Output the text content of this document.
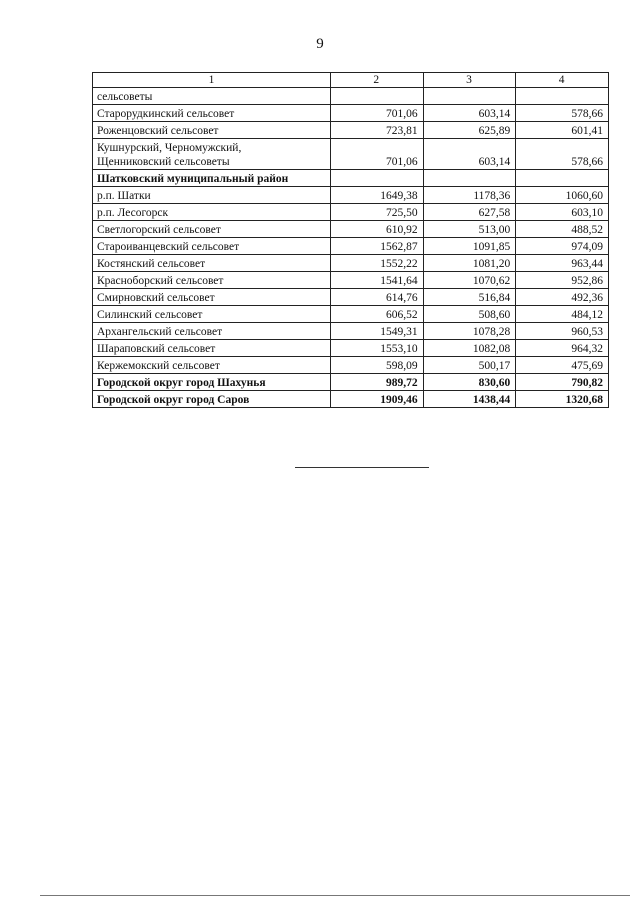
9
1	2	3	4
сельсоветы			
Старорудкинский сельсовет	701,06	603,14	578,66
Роженцовский сельсовет	723,81	625,89	601,41
Кушнурский, Черномужский,
Щенниковский сельсоветы	701,06	603,14	578,66
Шатковский муниципальный район			
р.п. Шатки	1649,38	1178,36	1060,60
р.п. Лесогорск	725,50	627,58	603,10
Светлогорский сельсовет	610,92	513,00	488,52
Староиванцевский сельсовет	1562,87	1091,85	974,09
Костянский сельсовет	1552,22	1081,20	963,44
Красноборский сельсовет	1541,64	1070,62	952,86
Смирновский сельсовет	614,76	516,84	492,36
Силинский сельсовет	606,52	508,60	484,12
Архангельский сельсовет	1549,31	1078,28	960,53
Шараповский сельсовет	1553,10	1082,08	964,32
Кержемокский сельсовет	598,09	500,17	475,69
Городской округ город Шахунья	989,72	830,60	790,82
Городской округ город Саров	1909,46	1438,44	1320,68
